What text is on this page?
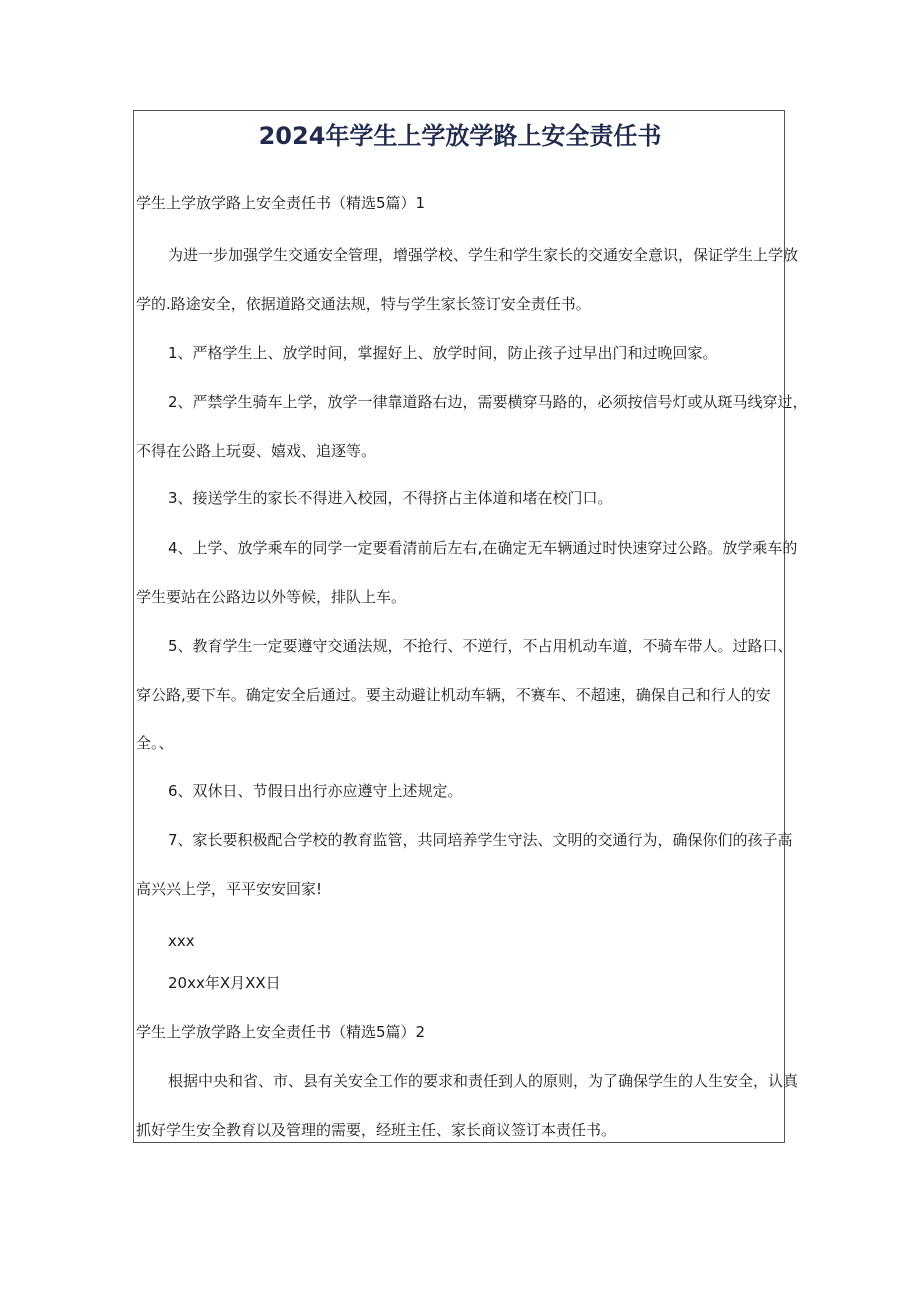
2024年学生上学放学路上安全责任书
学生上学放学路上安全责任书（精选5篇）1
为进一步加强学生交通安全管理，增强学校、学生和学生家长的交通安全意识，保证学生上学放
学的.路途安全，依据道路交通法规，特与学生家长签订安全责任书。
1、严格学生上、放学时间，掌握好上、放学时间，防止孩子过早出门和过晚回家。
2、严禁学生骑车上学，放学一律靠道路右边，需要横穿马路的，必须按信号灯或从斑马线穿过，
不得在公路上玩耍、嬉戏、追逐等。
3、接送学生的家长不得进入校园，不得挤占主体道和堵在校门口。
4、上学、放学乘车的同学一定要看清前后左右,在确定无车辆通过时快速穿过公路。放学乘车的
学生要站在公路边以外等候，排队上车。
5、教育学生一定要遵守交通法规，不抢行、不逆行，不占用机动车道，不骑车带人。过路口、
穿公路,要下车。确定安全后通过。要主动避让机动车辆，不赛车、不超速，确保自己和行人的安
全。、
6、双休日、节假日出行亦应遵守上述规定。
7、家长要积极配合学校的教育监管，共同培养学生守法、文明的交通行为，确保你们的孩子高
高兴兴上学，平平安安回家!
xxx
20xx年X月XX日
学生上学放学路上安全责任书（精选5篇）2
根据中央和省、市、县有关安全工作的要求和责任到人的原则，为了确保学生的人生安全，认真
抓好学生安全教育以及管理的需要，经班主任、家长商议签订本责任书。
